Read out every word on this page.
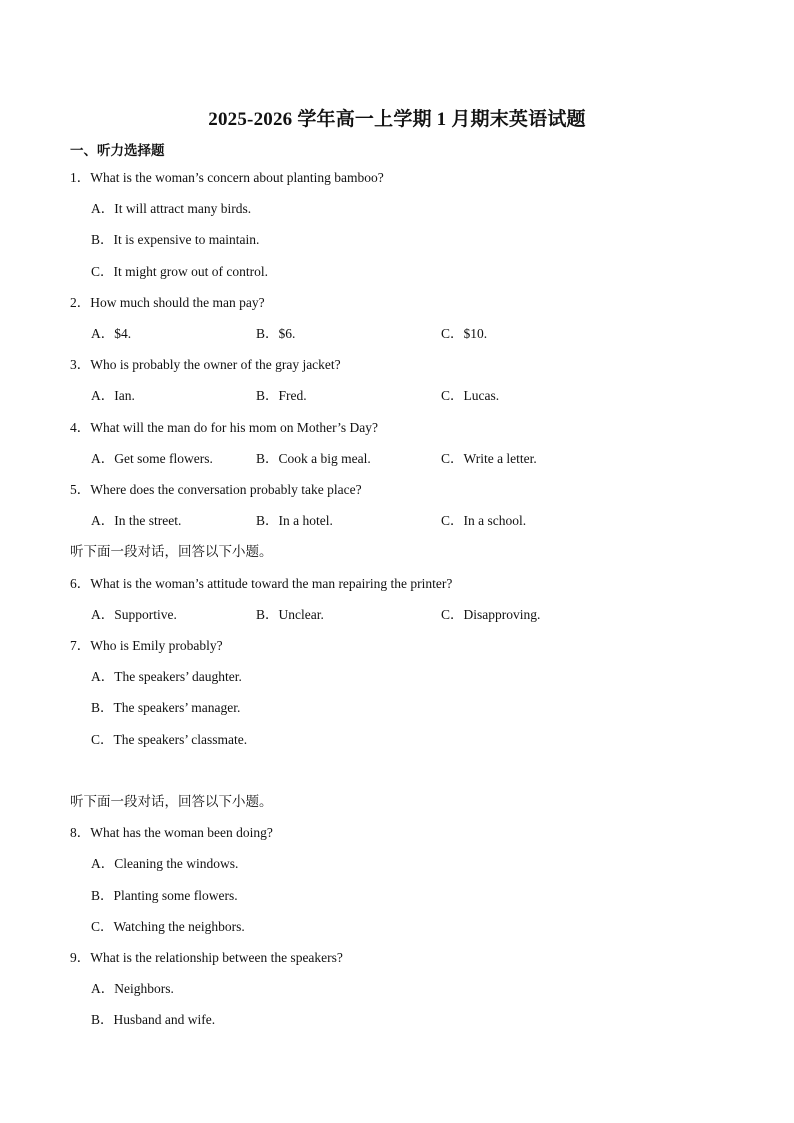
2025-2026 学年高一上学期 1 月期末英语试题
一、听力选择题
1．What is the woman’s concern about planting bamboo?
A．It will attract many birds.
B．It is expensive to maintain.
C．It might grow out of control.
2．How much should the man pay?
A．$4.	B．$6.	C．$10.
3．Who is probably the owner of the gray jacket?
A．Ian.	B．Fred.	C．Lucas.
4．What will the man do for his mom on Mother’s Day?
A．Get some flowers.	B．Cook a big meal.	C．Write a letter.
5．Where does the conversation probably take place?
A．In the street.	B．In a hotel.	C．In a school.
听下面一段对话，回答以下小题。
6．What is the woman’s attitude toward the man repairing the printer?
A．Supportive.	B．Unclear.	C．Disapproving.
7．Who is Emily probably?
A．The speakers’ daughter.
B．The speakers’ manager.
C．The speakers’ classmate.
听下面一段对话，回答以下小题。
8．What has the woman been doing?
A．Cleaning the windows.
B．Planting some flowers.
C．Watching the neighbors.
9．What is the relationship between the speakers?
A．Neighbors.
B．Husband and wife.
